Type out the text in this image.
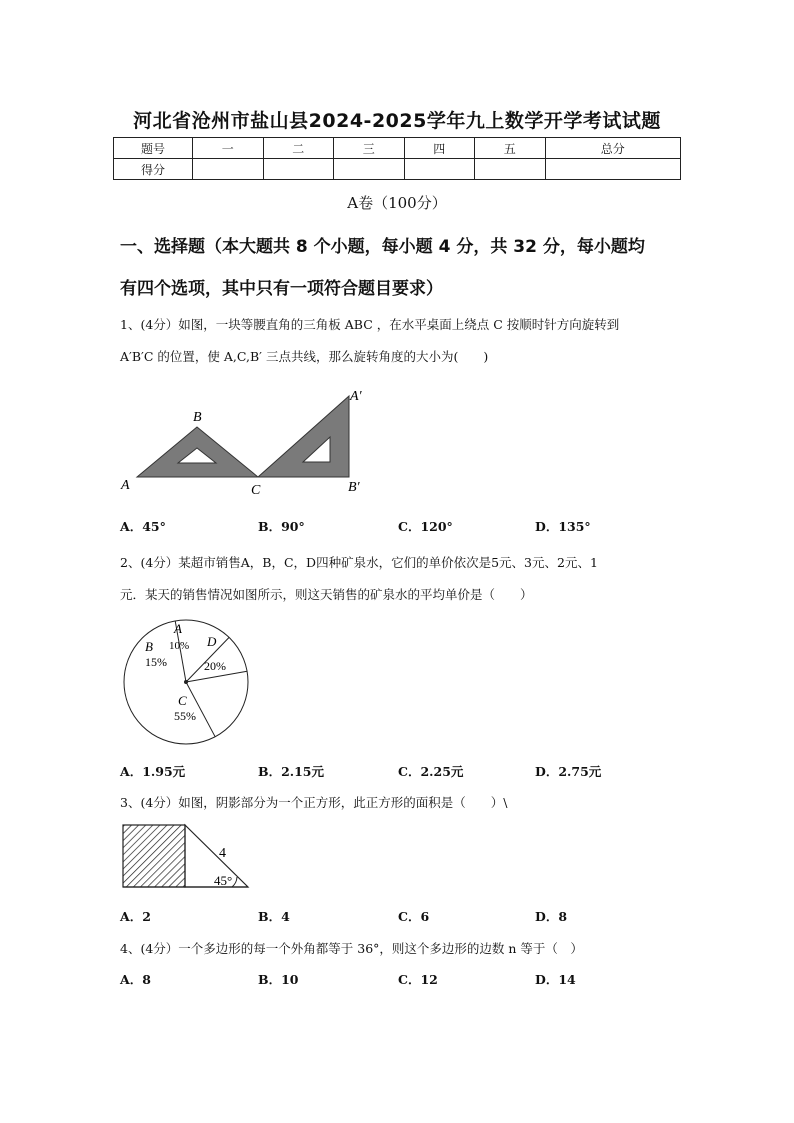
河北省沧州市盐山县2024-2025学年九上数学开学考试试题
题号	一	二	三	四	五	总分
得分						
A卷（100分）
一、选择题（本大题共 8 个小题，每小题 4 分，共 32 分，每小题均
有四个选项，其中只有一项符合题目要求）
1、(4分）如图，一块等腰直角的三角板 ABC ，在水平桌面上绕点 C 按顺时针方向旋转到
A′B′C 的位置，使 A,C,B′ 三点共线，那么旋转角度的大小为(　　)
A
B
C
A′
B′
A．45°	B．90°	C．120°	D．135°
2、(4分）某超市销售A，B，C，D四种矿泉水，它们的单价依次是5元、3元、2元、1
元．某天的销售情况如图所示，则这天销售的矿泉水的平均单价是（　　）
A
10%
B
15%
C
55%
D
20%
A．1.95元	B．2.15元	C．2.25元	D．2.75元
3、(4分）如图，阴影部分为一个正方形，此正方形的面积是（　　）\
4
45°
A．2	B．4	C．6	D．8
4、(4分）一个多边形的每一个外角都等于 36°，则这个多边形的边数 n 等于（　）
A．8	B．10	C．12	D．14
